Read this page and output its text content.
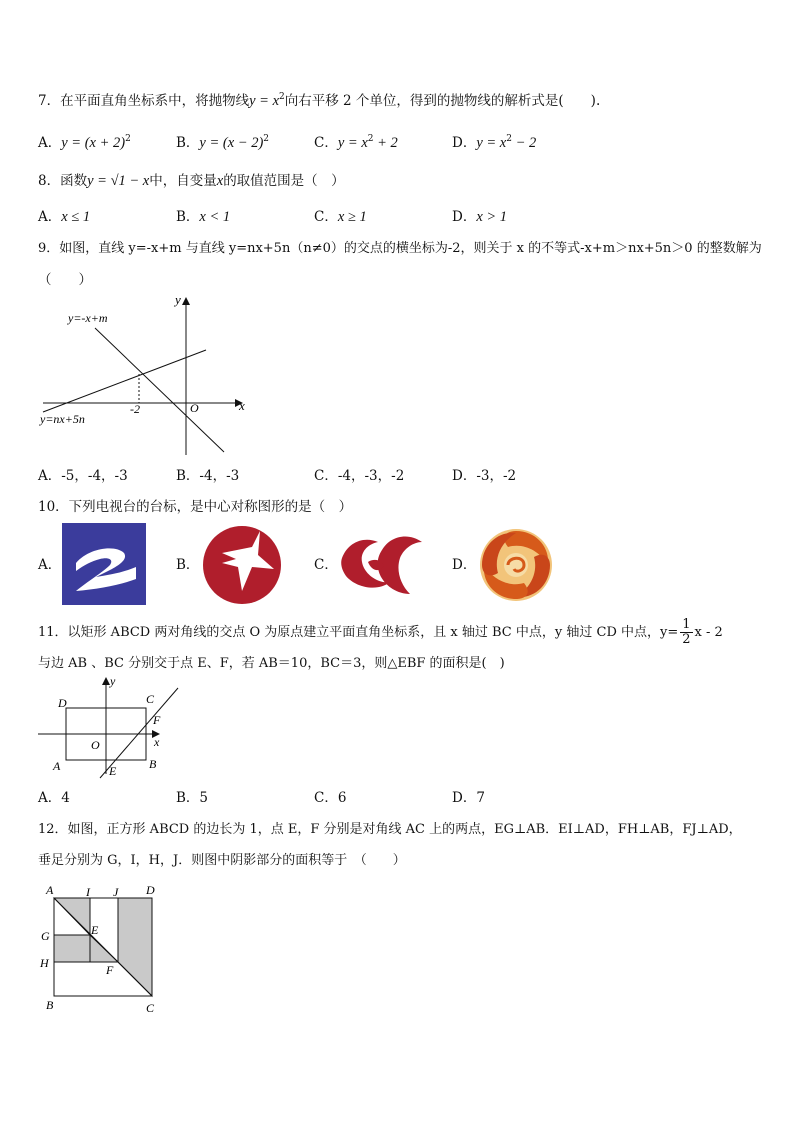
7．在平面直角坐标系中，将抛物线$y = x^2$向右平移 2 个单位，得到的抛物线的解析式是(　　).
A．$y = (x + 2)^2$	B．$y = (x - 2)^2$	C．$y = x^2 + 2$	D．$y = x^2 - 2$
8．函数y = √1 − x中，自变量x的取值范围是（　）
A．x ≤ 1	B．x < 1	C．x ≥ 1	D．x > 1
9．如图，直线 y=-x+m 与直线 y=nx+5n（n≠0）的交点的横坐标为-2，则关于 x 的不等式-x+m＞nx+5n＞0 的整数解为
（　　）
x
y
-2	O
y=-x+m
y=nx+5n
A．-5，-4，-3	B．-4，-3	C．-4，-3，-2	D．-3，-2
10．下列电视台的台标，是中心对称图形的是（　）
A．	B．	C．	D．
11．以矩形 ABCD 两对角线的交点 O 为原点建立平面直角坐标系，且 x 轴过 BC 中点，y 轴过 CD 中点，$y= \frac{1}{2}$ x - 2
与边 AB 、BC 分别交于点 E、F，若 AB＝10，BC＝3，则△EBF 的面积是(　)
x
y
A	B
C
D
E
F
O
A．4	B．5	C．6	D．7
12．如图，正方形 ABCD 的边长为 1，点 E，F 分别是对角线 AC 上的两点，EG⊥AB．EI⊥AD，FH⊥AB，FJ⊥AD，
垂足分别为 G，I，H，J．则图中阴影部分的面积等于　（　　）
A	I J D
G	E
H	F
B	C
